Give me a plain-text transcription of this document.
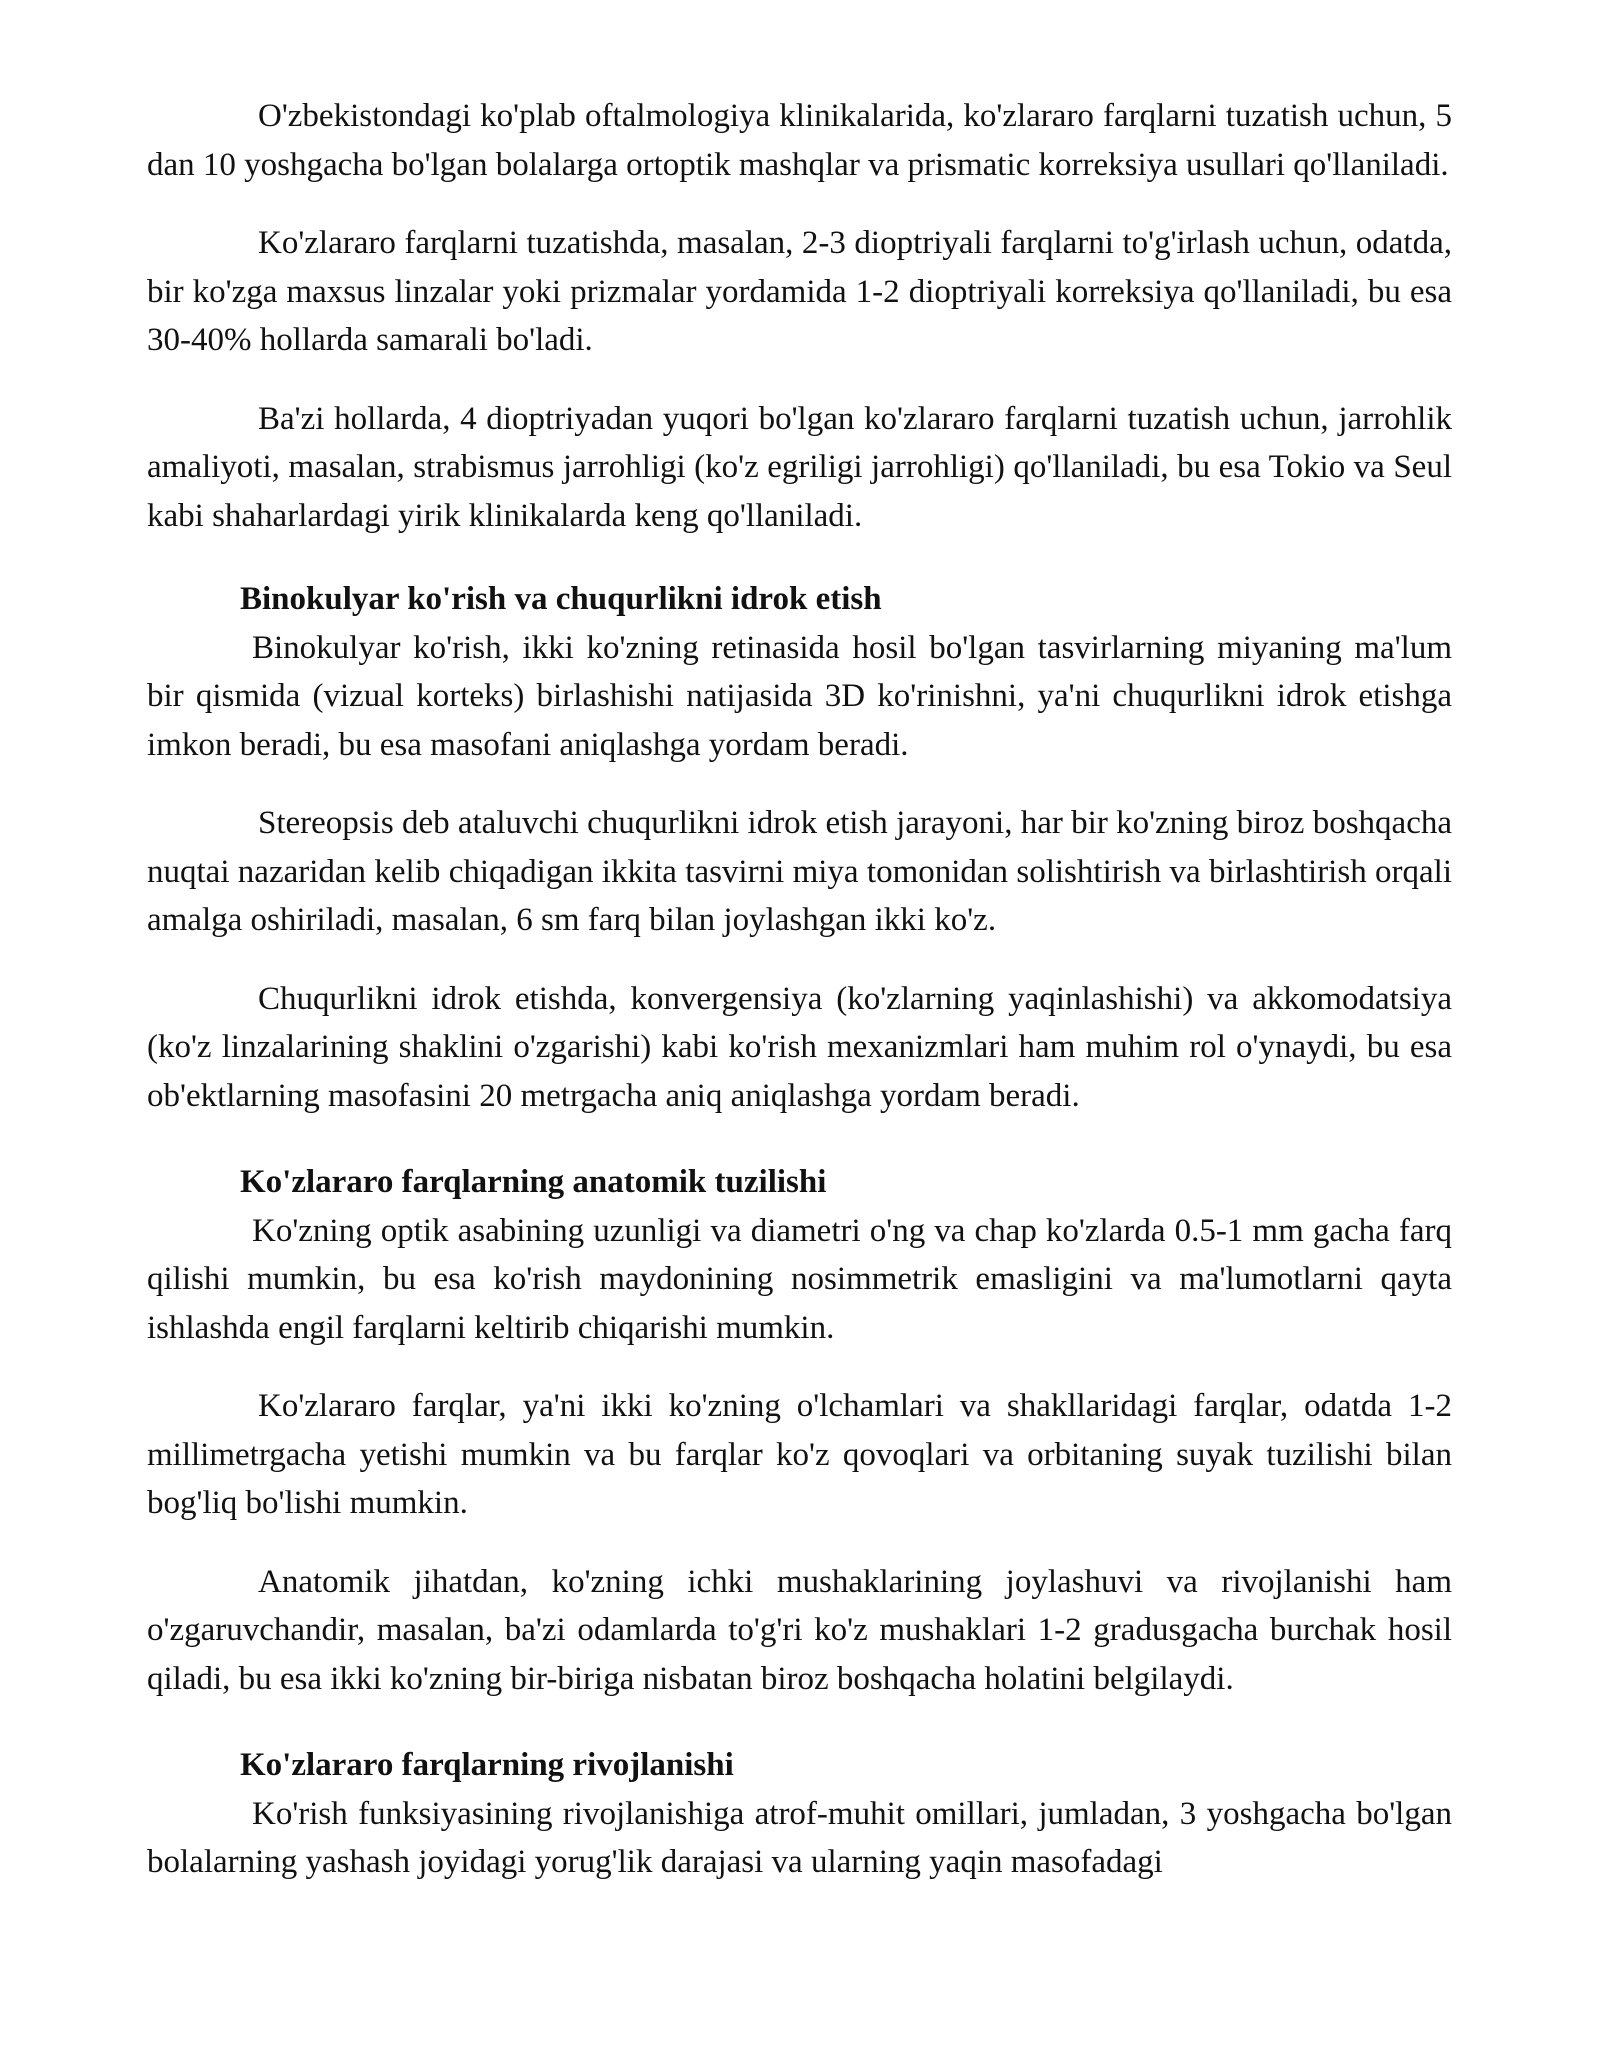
O'zbekistondagi ko'plab oftalmologiya klinikalarida, ko'zlararo farqlarni tuzatish uchun, 5 dan 10 yoshgacha bo'lgan bolalarga ortoptik mashqlar va prismatic korreksiya usullari qo'llaniladi.

Ko'zlararo farqlarni tuzatishda, masalan, 2-3 dioptriyali farqlarni to'g'irlash uchun, odatda, bir ko'zga maxsus linzalar yoki prizmalar yordamida 1-2 dioptriyali korreksiya qo'llaniladi, bu esa 30-40% hollarda samarali bo'ladi.

Ba'zi hollarda, 4 dioptriyadan yuqori bo'lgan ko'zlararo farqlarni tuzatish uchun, jarrohlik amaliyoti, masalan, strabismus jarrohligi (ko'z egriligi jarrohligi) qo'llaniladi, bu esa Tokio va Seul kabi shaharlardagi yirik klinikalarda keng qo'llaniladi.

Binokulyar ko'rish va chuqurlikni idrok etish

Binokulyar ko'rish, ikki ko'zning retinasida hosil bo'lgan tasvirlarning miyaning ma'lum bir qismida (vizual korteks) birlashishi natijasida 3D ko'rinishni, ya'ni chuqurlikni idrok etishga imkon beradi, bu esa masofani aniqlashga yordam beradi.

Stereopsis deb ataluvchi chuqurlikni idrok etish jarayoni, har bir ko'zning biroz boshqacha nuqtai nazaridan kelib chiqadigan ikkita tasvirni miya tomonidan solishtirish va birlashtirish orqali amalga oshiriladi, masalan, 6 sm farq bilan joylashgan ikki ko'z.

Chuqurlikni idrok etishda, konvergensiya (ko'zlarning yaqinlashishi) va akkomodatsiya (ko'z linzalarining shaklini o'zgarishi) kabi ko'rish mexanizmlari ham muhim rol o'ynaydi, bu esa ob'ektlarning masofasini 20 metrgacha aniq aniqlashga yordam beradi.

Ko'zlararo farqlarning anatomik tuzilishi

Ko'zning optik asabining uzunligi va diametri o'ng va chap ko'zlarda 0.5-1 mm gacha farq qilishi mumkin, bu esa ko'rish maydonining nosimmetrik emasligini va ma'lumotlarni qayta ishlashda engil farqlarni keltirib chiqarishi mumkin.

Ko'zlararo farqlar, ya'ni ikki ko'zning o'lchamlari va shakllaridagi farqlar, odatda 1-2 millimetrgacha yetishi mumkin va bu farqlar ko'z qovoqlari va orbitaning suyak tuzilishi bilan bog'liq bo'lishi mumkin.

Anatomik jihatdan, ko'zning ichki mushaklarining joylashuvi va rivojlanishi ham o'zgaruvchandir, masalan, ba'zi odamlarda to'g'ri ko'z mushaklari 1-2 gradusgacha burchak hosil qiladi, bu esa ikki ko'zning bir-biriga nisbatan biroz boshqacha holatini belgilaydi.

Ko'zlararo farqlarning rivojlanishi

Ko'rish funksiyasining rivojlanishiga atrof-muhit omillari, jumladan, 3 yoshgacha bo'lgan bolalarning yashash joyidagi yorug'lik darajasi va ularning yaqin masofadagi
